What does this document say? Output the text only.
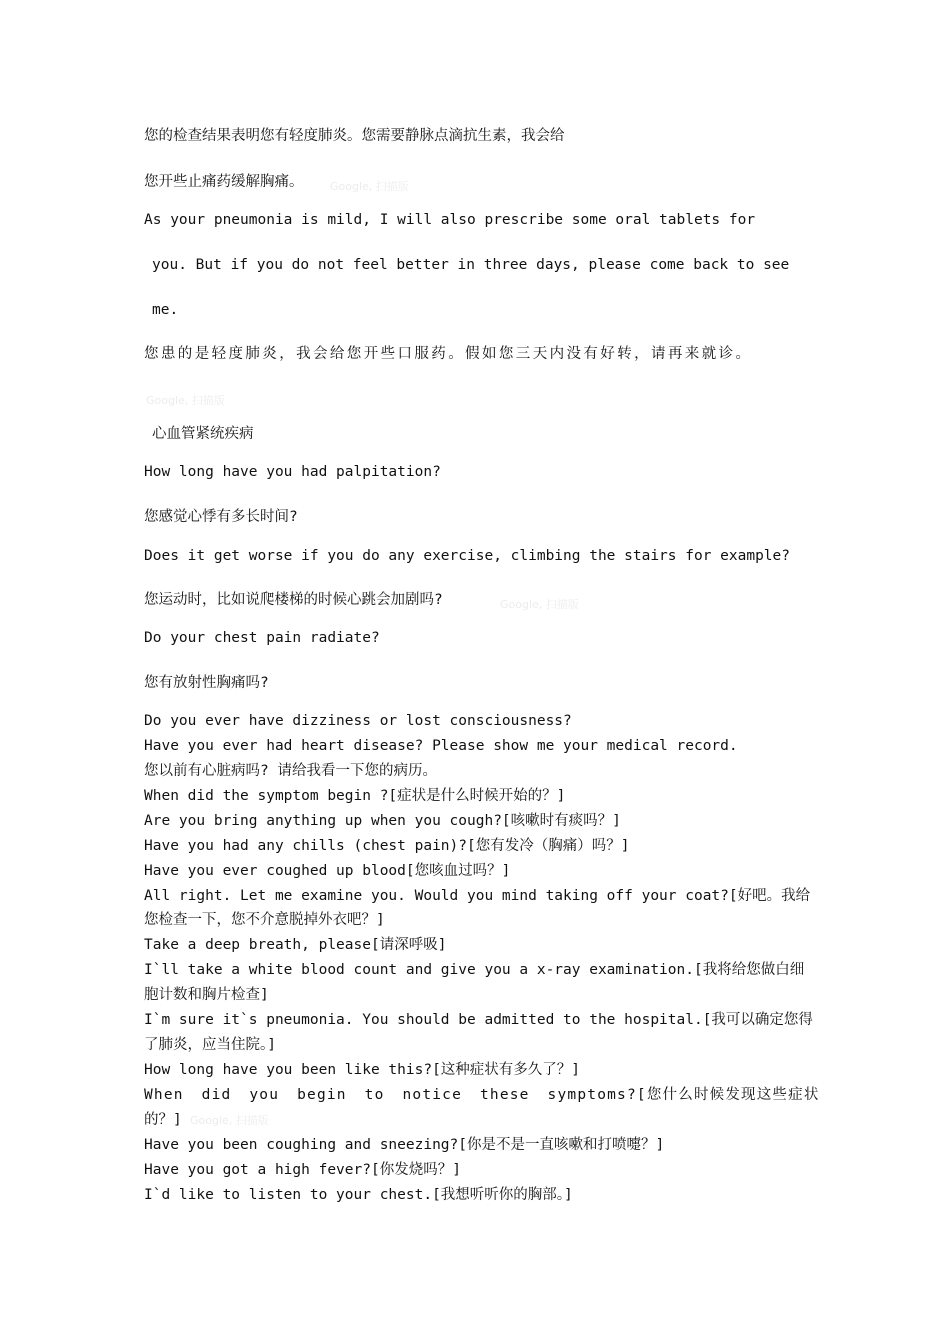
Google, 扫描版
Google, 扫描版
Google, 扫描版
Google, 扫描版

您的检查结果表明您有轻度肺炎。您需要静脉点滴抗生素，我会给

您开些止痛药缓解胸痛。

As your pneumonia is mild, I will also prescribe some oral tablets for

you. But if you do not feel better in three days, please come back to see

me.

您患的是轻度肺炎，我会给您开些口服药。假如您三天内没有好转，请再来就诊。

心血管紧统疾病

How long have you had palpitation?

您感觉心悸有多长时间?

Does it get worse if you do any exercise, climbing the stairs for example?

您运动时，比如说爬楼梯的时候心跳会加剧吗?

Do your chest pain radiate?

您有放射性胸痛吗?

Do you ever have dizziness or lost consciousness?

Have you ever had heart disease? Please show me your medical record.

您以前有心脏病吗? 请给我看一下您的病历。

When did the symptom begin ?[症状是什么时候开始的？]

Are you bring anything up when you cough?[咳嗽时有痰吗？]

Have you had any chills (chest pain)?[您有发冷（胸痛）吗？]

Have you ever coughed up blood[您咳血过吗？]

All right. Let me examine you. Would you mind taking off your coat?[好吧。我给

您检查一下，您不介意脱掉外衣吧？]

Take a deep breath, please[请深呼吸]

I`ll take a white blood count and give you a x-ray examination.[我将给您做白细

胞计数和胸片检查]

I`m sure it`s pneumonia. You should be admitted to the hospital.[我可以确定您得

了肺炎，应当住院。]

How long have you been like this?[这种症状有多久了？]

When did you begin to notice these symptoms?[您什么时候发现这些症状

的？]

Have you been coughing and sneezing?[你是不是一直咳嗽和打喷嚏？]

Have you got a high fever?[你发烧吗？]

I`d like to listen to your chest.[我想听听你的胸部。]
